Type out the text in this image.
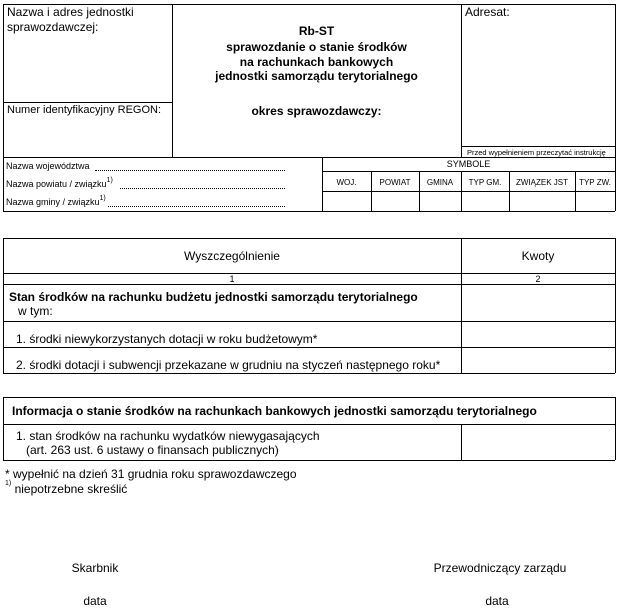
Nazwa i adres jednostki sprawozdawczej:
Numer identyfikacyjny REGON:
Rb-ST
sprawozdanie o stanie środków
na rachunkach bankowych
jednostki samorządu terytorialnego
okres sprawozdawczy:
Adresat:
Przed wypełnieniem przeczytać instrukcję
Nazwa województwa
Nazwa powiatu / związku$^{1)}$
Nazwa gminy / związku$^{1)}$
SYMBOLE
WOJ.	POWIAT	GMINA	TYP GM.	ZWIĄZEK JST	TYP ZW.
Wyszczególnienie	Kwoty
1	2
Stan środków na rachunku budżetu jednostki samorządu terytorialnego
w tym:
1. środki niewykorzystanych dotacji w roku budżetowym*
2. środki dotacji i subwencji przekazane w grudniu na styczeń następnego roku*
Informacja o stanie środków na rachunkach bankowych jednostki samorządu terytorialnego
1. stan środków na rachunku wydatków niewygasających
(art. 263 ust. 6 ustawy o finansach publicznych)
* wypełnić na dzień 31 grudnia roku sprawozdawczego
$^{1)}$ niepotrzebne skreślić
Skarbnik	Przewodniczący zarządu
data	data
